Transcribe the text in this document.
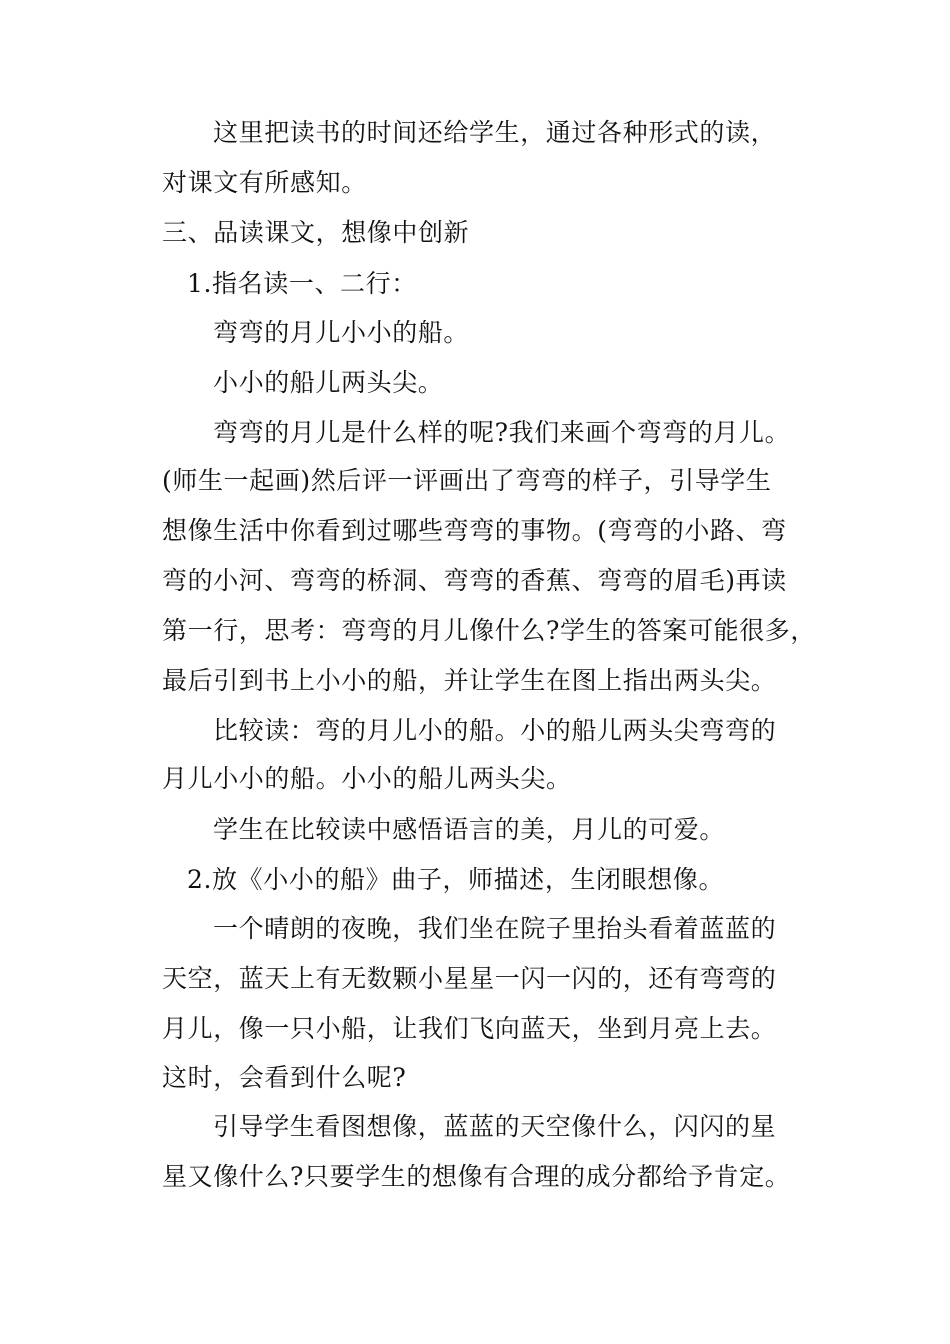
这里把读书的时间还给学生，通过各种形式的读，
对课文有所感知。
三、品读课文，想像中创新
1.指名读一、二行：
弯弯的月儿小小的船。
小小的船儿两头尖。
弯弯的月儿是什么样的呢?我们来画个弯弯的月儿。
(师生一起画)然后评一评画出了弯弯的样子，引导学生
想像生活中你看到过哪些弯弯的事物。(弯弯的小路、弯
弯的小河、弯弯的桥洞、弯弯的香蕉、弯弯的眉毛)再读
第一行，思考：弯弯的月儿像什么?学生的答案可能很多，
最后引到书上小小的船，并让学生在图上指出两头尖。
比较读：弯的月儿小的船。小的船儿两头尖弯弯的
月儿小小的船。小小的船儿两头尖。
学生在比较读中感悟语言的美，月儿的可爱。
2.放《小小的船》曲子，师描述，生闭眼想像。
一个晴朗的夜晚，我们坐在院子里抬头看着蓝蓝的
天空，蓝天上有无数颗小星星一闪一闪的，还有弯弯的
月儿，像一只小船，让我们飞向蓝天，坐到月亮上去。
这时，会看到什么呢?
引导学生看图想像，蓝蓝的天空像什么，闪闪的星
星又像什么?只要学生的想像有合理的成分都给予肯定。
